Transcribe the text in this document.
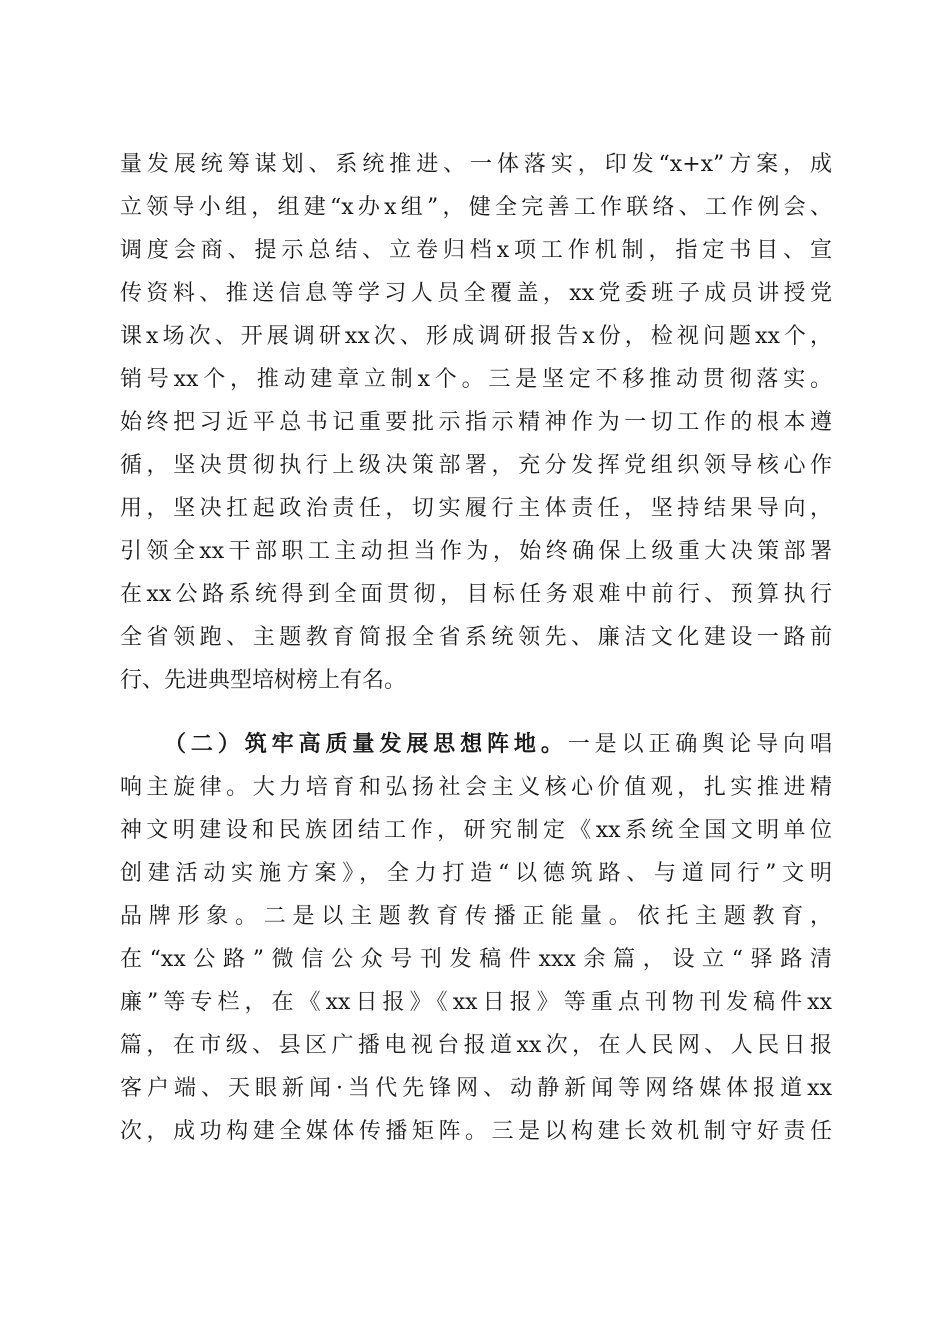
量发展统筹谋划、系统推进、一体落实，印发“x+x”方案，成
立领导小组，组建“x办x组”，健全完善工作联络、工作例会、
调度会商、提示总结、立卷归档x项工作机制，指定书目、宣
传资料、推送信息等学习人员全覆盖，xx党委班子成员讲授党
课x场次、开展调研xx次、形成调研报告x份，检视问题xx个，
销号xx个，推动建章立制x个。三是坚定不移推动贯彻落实。
始终把习近平总书记重要批示指示精神作为一切工作的根本遵
循，坚决贯彻执行上级决策部署，充分发挥党组织领导核心作
用，坚决扛起政治责任，切实履行主体责任，坚持结果导向，
引领全xx干部职工主动担当作为，始终确保上级重大决策部署
在xx公路系统得到全面贯彻，目标任务艰难中前行、预算执行
全省领跑、主题教育简报全省系统领先、廉洁文化建设一路前
行、先进典型培树榜上有名。
（二）筑牢高质量发展思想阵地。一是以正确舆论导向唱
响主旋律。大力培育和弘扬社会主义核心价值观，扎实推进精
神文明建设和民族团结工作，研究制定《xx系统全国文明单位
创建活动实施方案》，全力打造“以德筑路、与道同行”文明
品牌形象。二是以主题教育传播正能量。依托主题教育，
在“xx公路”微信公众号刊发稿件xxx余篇，设立“驿路清
廉”等专栏，在《xx日报》《xx日报》等重点刊物刊发稿件xx
篇，在市级、县区广播电视台报道xx次，在人民网、人民日报
客户端、天眼新闻·当代先锋网、动静新闻等网络媒体报道xx
次，成功构建全媒体传播矩阵。三是以构建长效机制守好责任
